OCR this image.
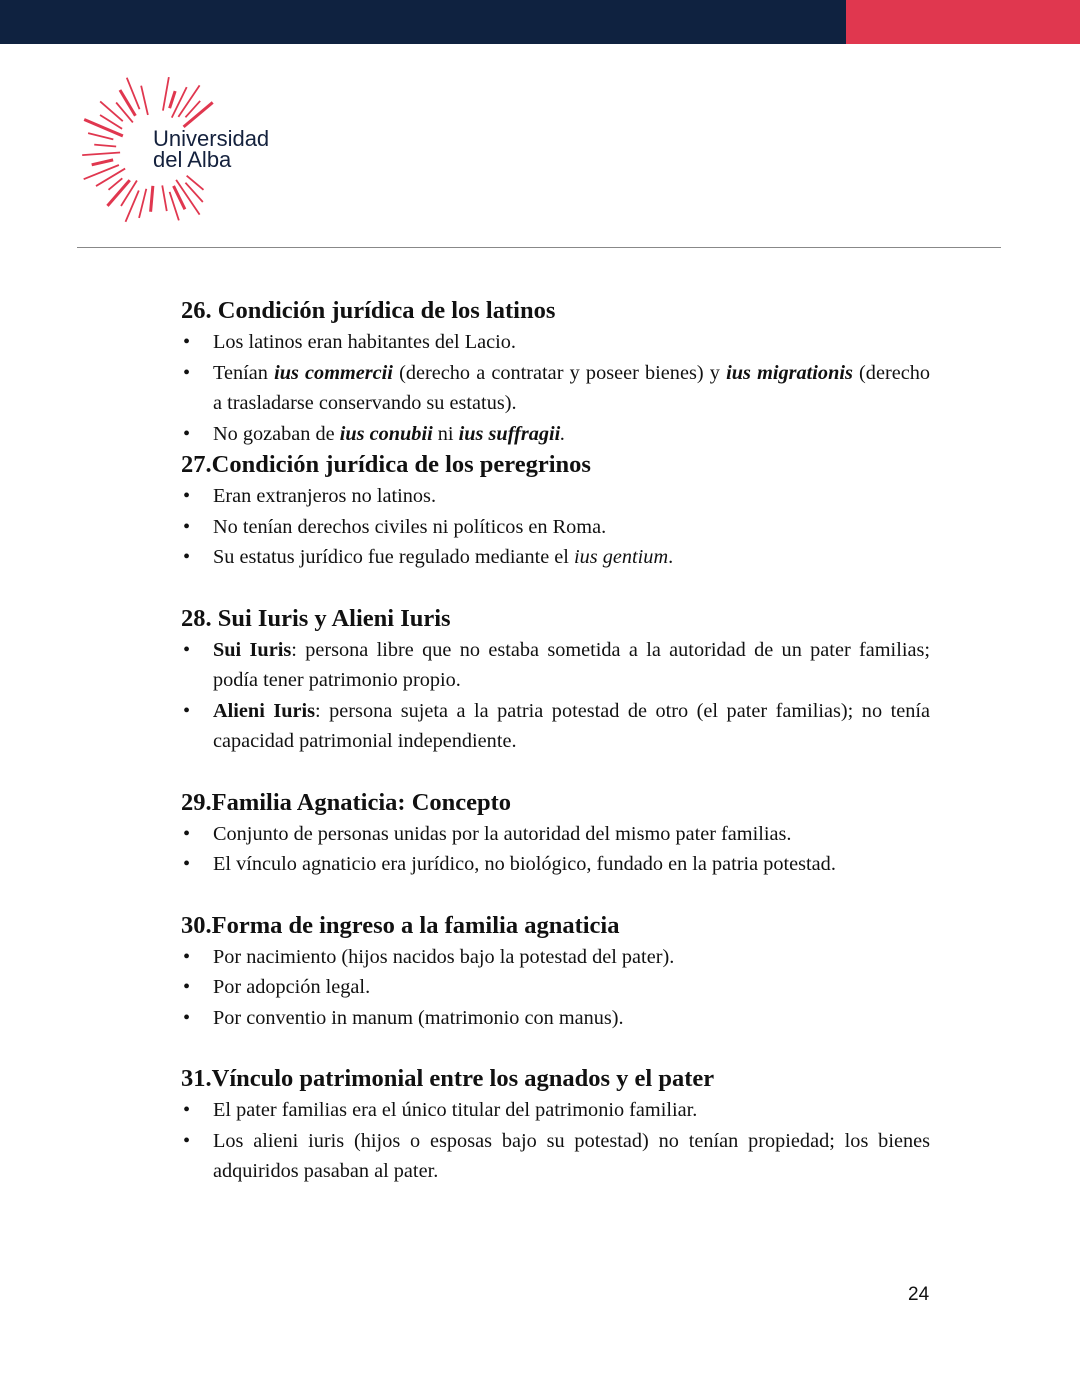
Universidad
del Alba
26. Condición jurídica de los latinos
• Los latinos eran habitantes del Lacio.
• Tenían ius commercii (derecho a contratar y poseer bienes) y ius migrationis (derecho a trasladarse conservando su estatus).
• No gozaban de ius conubii ni ius suffragii.
27.Condición jurídica de los peregrinos
• Eran extranjeros no latinos.
• No tenían derechos civiles ni políticos en Roma.
• Su estatus jurídico fue regulado mediante el ius gentium.
28. Sui Iuris y Alieni Iuris
• Sui Iuris: persona libre que no estaba sometida a la autoridad de un pater familias; podía tener patrimonio propio.
• Alieni Iuris: persona sujeta a la patria potestad de otro (el pater familias); no tenía capacidad patrimonial independiente.
29.Familia Agnaticia: Concepto
• Conjunto de personas unidas por la autoridad del mismo pater familias.
• El vínculo agnaticio era jurídico, no biológico, fundado en la patria potestad.
30.Forma de ingreso a la familia agnaticia
• Por nacimiento (hijos nacidos bajo la potestad del pater).
• Por adopción legal.
• Por conventio in manum (matrimonio con manus).
31.Vínculo patrimonial entre los agnados y el pater
• El pater familias era el único titular del patrimonio familiar.
• Los alieni iuris (hijos o esposas bajo su potestad) no tenían propiedad; los bienes adquiridos pasaban al pater.
24
